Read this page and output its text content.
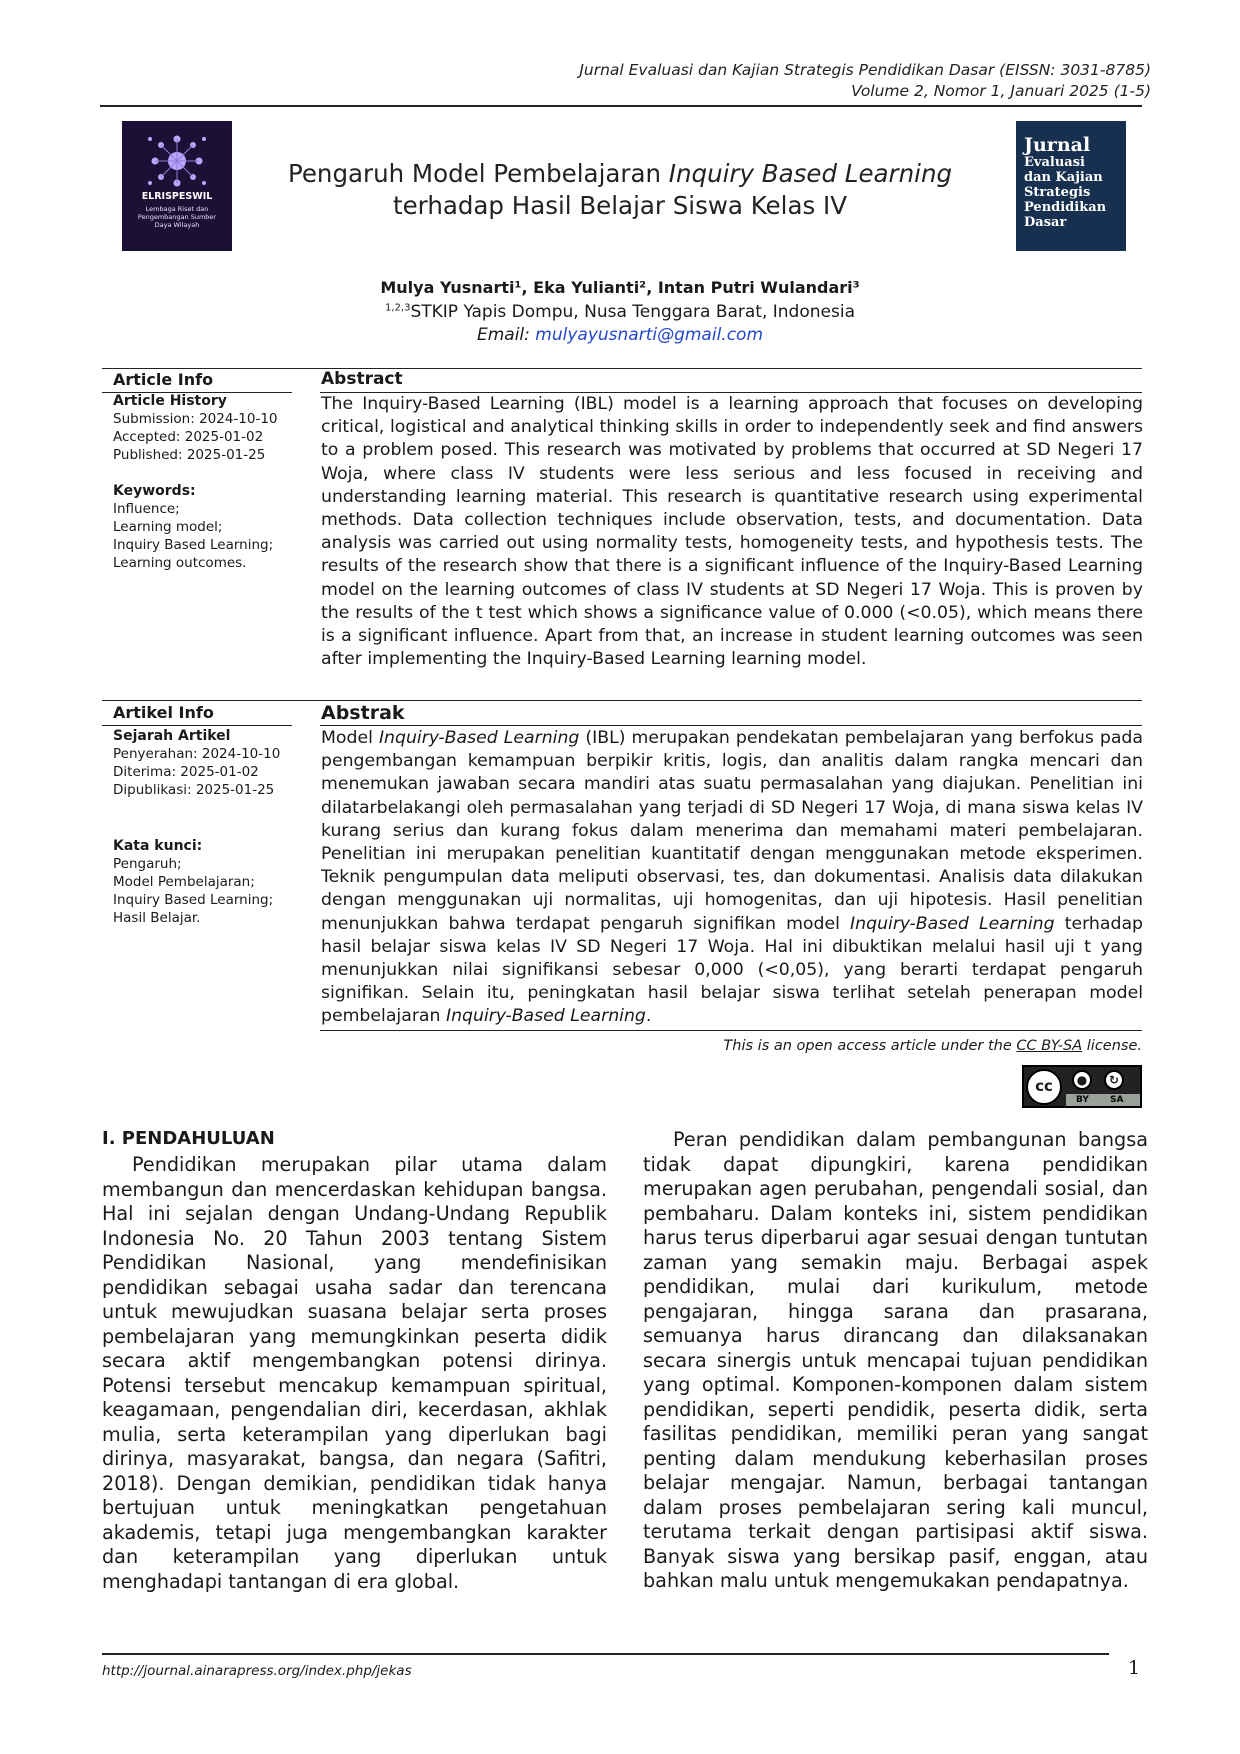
Jurnal Evaluasi dan Kajian Strategis Pendidikan Dasar (EISSN: 3031-8785)
Volume 2, Nomor 1, Januari 2025 (1-5)
ELRISPESWIL
Lembaga Riset dan Pengembangan Sumber Daya Wilayah
Pengaruh Model Pembelajaran Inquiry Based Learning
terhadap Hasil Belajar Siswa Kelas IV
Jurnal
Evaluasi
dan Kajian
Strategis
Pendidikan
Dasar
Mulya Yusnarti¹, Eka Yulianti², Intan Putri Wulandari³
$^{1,2,3}$STKIP Yapis Dompu, Nusa Tenggara Barat, Indonesia
Email: mulyayusnarti@gmail.com
Article Info	Abstract
Article History
Submission: 2024-10-10
Accepted: 2025-01-02
Published: 2025-01-25
Keywords:
Influence;
Learning model;
Inquiry Based Learning;
Learning outcomes.
The Inquiry-Based Learning (IBL) model is a learning approach that focuses on developing critical, logistical and analytical thinking skills in order to independently seek and find answers to a problem posed. This research was motivated by problems that occurred at SD Negeri 17 Woja, where class IV students were less serious and less focused in receiving and understanding learning material. This research is quantitative research using experimental methods. Data collection techniques include observation, tests, and documentation. Data analysis was carried out using normality tests, homogeneity tests, and hypothesis tests. The results of the research show that there is a significant influence of the Inquiry-Based Learning model on the learning outcomes of class IV students at SD Negeri 17 Woja. This is proven by the results of the t test which shows a significance value of 0.000 (<0.05), which means there is a significant influence. Apart from that, an increase in student learning outcomes was seen after implementing the Inquiry-Based Learning learning model.
Artikel Info	Abstrak
Sejarah Artikel
Penyerahan: 2024-10-10
Diterima: 2025-01-02
Dipublikasi: 2025-01-25
Kata kunci:
Pengaruh;
Model Pembelajaran;
Inquiry Based Learning;
Hasil Belajar.
Model Inquiry-Based Learning (IBL) merupakan pendekatan pembelajaran yang berfokus pada pengembangan kemampuan berpikir kritis, logis, dan analitis dalam rangka mencari dan menemukan jawaban secara mandiri atas suatu permasalahan yang diajukan. Penelitian ini dilatarbelakangi oleh permasalahan yang terjadi di SD Negeri 17 Woja, di mana siswa kelas IV kurang serius dan kurang fokus dalam menerima dan memahami materi pembelajaran. Penelitian ini merupakan penelitian kuantitatif dengan menggunakan metode eksperimen. Teknik pengumpulan data meliputi observasi, tes, dan dokumentasi. Analisis data dilakukan dengan menggunakan uji normalitas, uji homogenitas, dan uji hipotesis. Hasil penelitian menunjukkan bahwa terdapat pengaruh signifikan model Inquiry-Based Learning terhadap hasil belajar siswa kelas IV SD Negeri 17 Woja. Hal ini dibuktikan melalui hasil uji t yang menunjukkan nilai signifikansi sebesar 0,000 (<0,05), yang berarti terdapat pengaruh signifikan. Selain itu, peningkatan hasil belajar siswa terlihat setelah penerapan model pembelajaran Inquiry-Based Learning.
This is an open access article under the CC BY-SA license.
cc	●	↻
BY SA
I. PENDAHULUAN
Pendidikan merupakan pilar utama dalam membangun dan mencerdaskan kehidupan bangsa. Hal ini sejalan dengan Undang-Undang Republik Indonesia No. 20 Tahun 2003 tentang Sistem Pendidikan Nasional, yang mendefinisikan pendidikan sebagai usaha sadar dan terencana untuk mewujudkan suasana belajar serta proses pembelajaran yang memungkinkan peserta didik secara aktif mengembangkan potensi dirinya. Potensi tersebut mencakup kemampuan spiritual, keagamaan, pengendalian diri, kecerdasan, akhlak mulia, serta keterampilan yang diperlukan bagi dirinya, masyarakat, bangsa, dan negara (Safitri, 2018). Dengan demikian, pendidikan tidak hanya bertujuan untuk meningkatkan pengetahuan akademis, tetapi juga mengembangkan karakter dan keterampilan yang diperlukan untuk menghadapi tantangan di era global.
Peran pendidikan dalam pembangunan bangsa tidak dapat dipungkiri, karena pendidikan merupakan agen perubahan, pengendali sosial, dan pembaharu. Dalam konteks ini, sistem pendidikan harus terus diperbarui agar sesuai dengan tuntutan zaman yang semakin maju. Berbagai aspek pendidikan, mulai dari kurikulum, metode pengajaran, hingga sarana dan prasarana, semuanya harus dirancang dan dilaksanakan secara sinergis untuk mencapai tujuan pendidikan yang optimal. Komponen-komponen dalam sistem pendidikan, seperti pendidik, peserta didik, serta fasilitas pendidikan, memiliki peran yang sangat penting dalam mendukung keberhasilan proses belajar mengajar. Namun, berbagai tantangan dalam proses pembelajaran sering kali muncul, terutama terkait dengan partisipasi aktif siswa. Banyak siswa yang bersikap pasif, enggan, atau bahkan malu untuk mengemukakan pendapatnya.
http://journal.ainarapress.org/index.php/jekas	1
